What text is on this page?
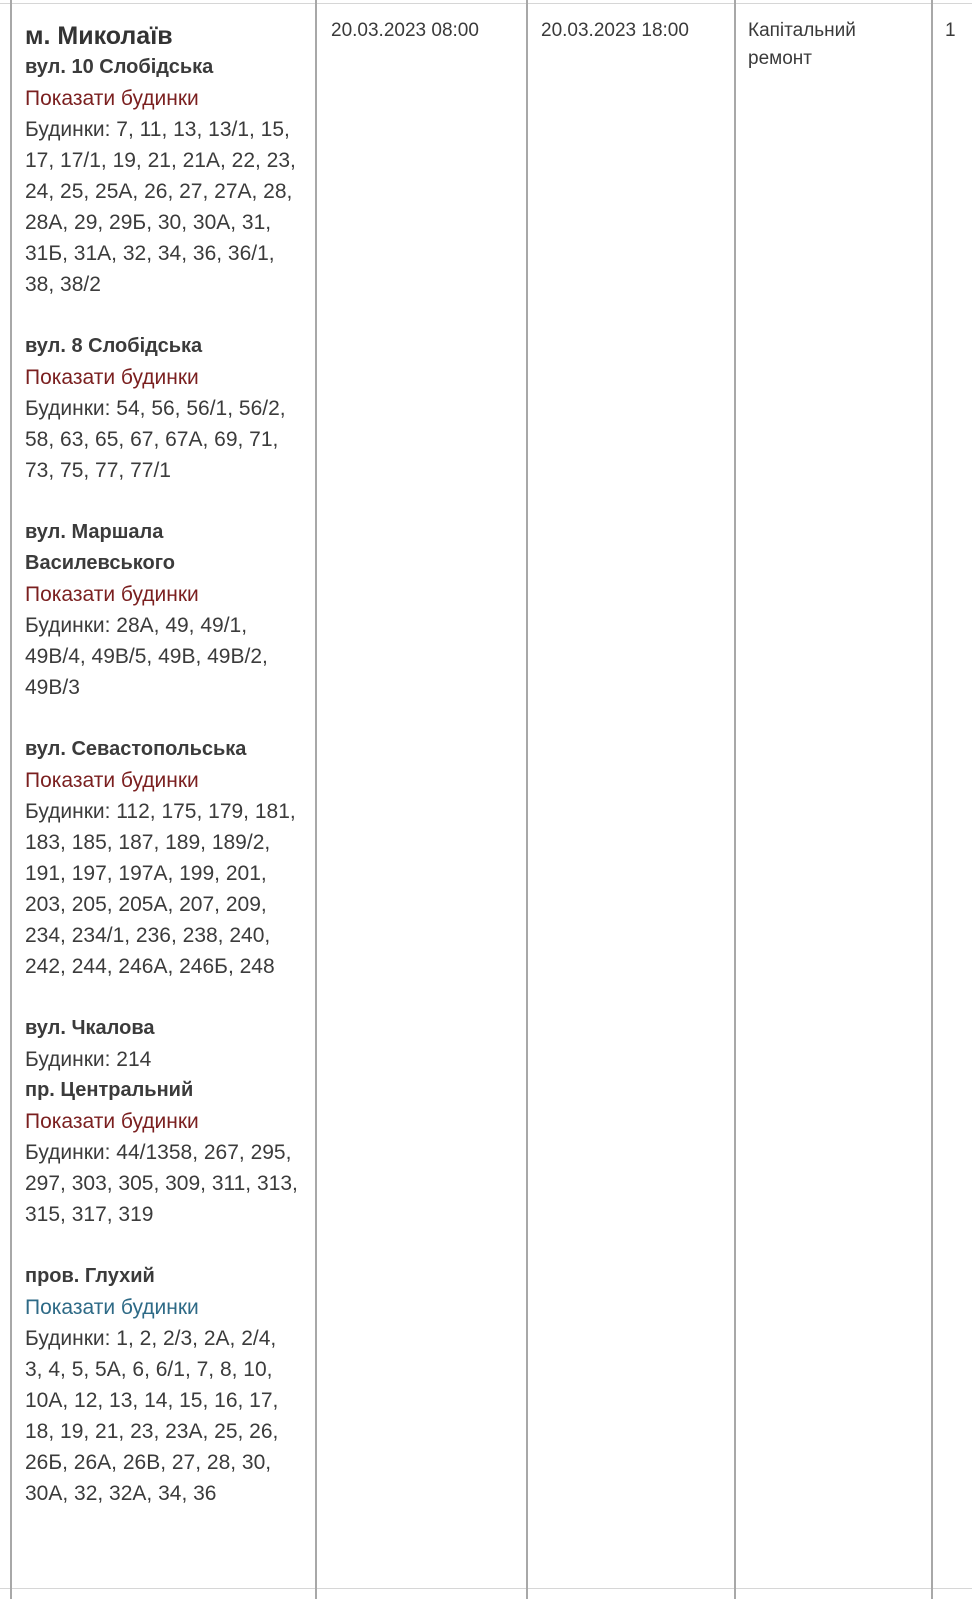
м. Миколаїв
вул. 10 Слобідська
Показати будинки
Будинки: 7, 11, 13, 13/1, 15,
17, 17/1, 19, 21, 21А, 22, 23,
24, 25, 25А, 26, 27, 27А, 28,
28А, 29, 29Б, 30, 30А, 31,
31Б, 31А, 32, 34, 36, 36/1,
38, 38/2
вул. 8 Слобідська
Показати будинки
Будинки: 54, 56, 56/1, 56/2,
58, 63, 65, 67, 67А, 69, 71,
73, 75, 77, 77/1
вул. Маршала
Василевського
Показати будинки
Будинки: 28А, 49, 49/1,
49В/4, 49В/5, 49В, 49В/2,
49В/3
вул. Севастопольська
Показати будинки
Будинки: 112, 175, 179, 181,
183, 185, 187, 189, 189/2,
191, 197, 197А, 199, 201,
203, 205, 205А, 207, 209,
234, 234/1, 236, 238, 240,
242, 244, 246А, 246Б, 248
вул. Чкалова
Будинки: 214
пр. Центральний
Показати будинки
Будинки: 44/1358, 267, 295,
297, 303, 305, 309, 311, 313,
315, 317, 319
пров. Глухий
Показати будинки
Будинки: 1, 2, 2/3, 2А, 2/4,
3, 4, 5, 5А, 6, 6/1, 7, 8, 10,
10А, 12, 13, 14, 15, 16, 17,
18, 19, 21, 23, 23А, 25, 26,
26Б, 26А, 26В, 27, 28, 30,
30А, 32, 32А, 34, 36
20.03.2023 08:00	20.03.2023 18:00	Капітальний ремонт
1
